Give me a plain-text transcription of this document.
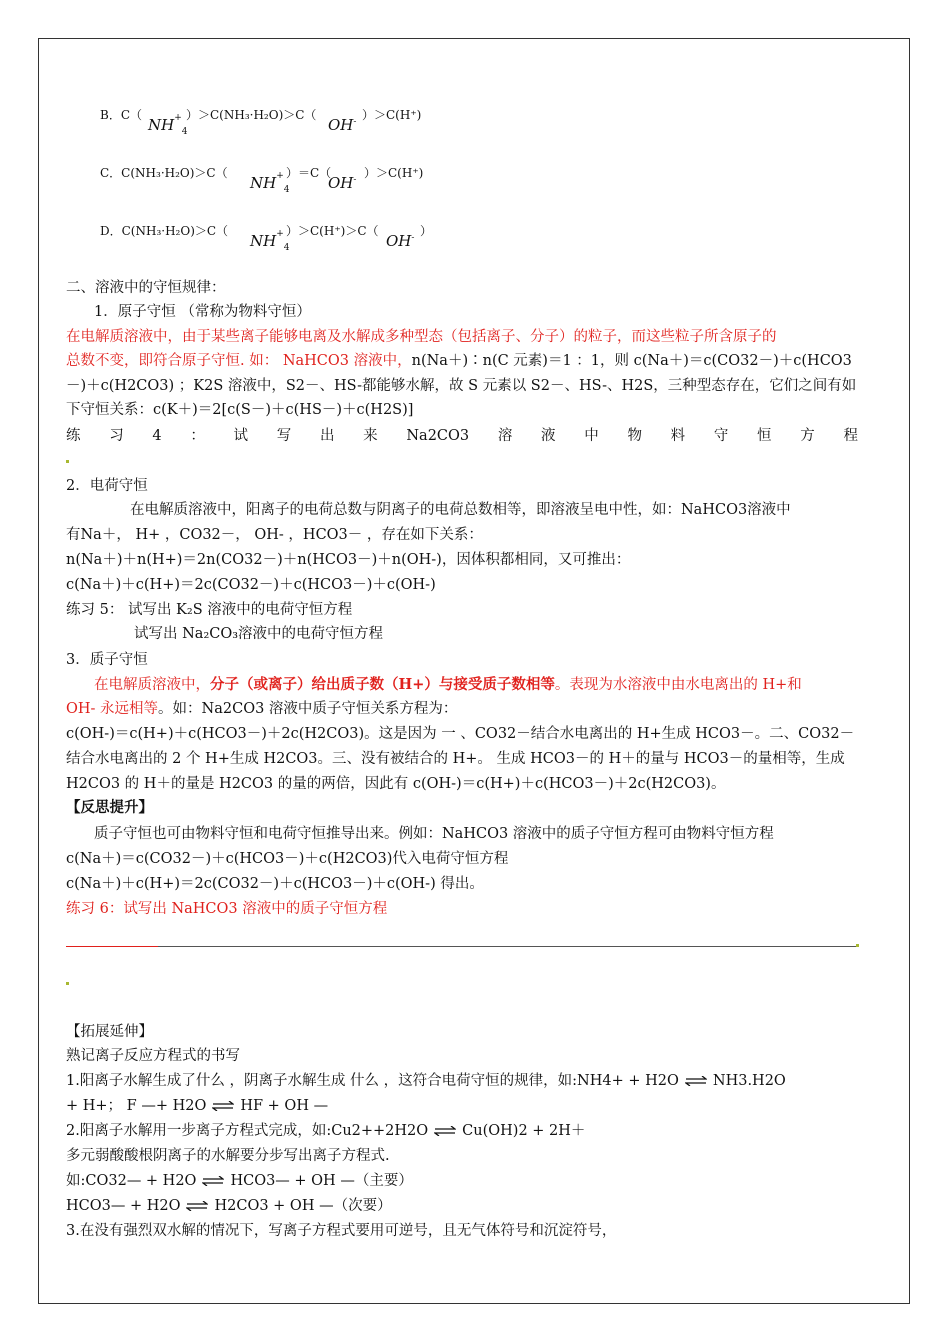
B．C（
$NH^+_4$
）＞C(NH₃·H₂O)＞C（
OH- ）＞C(H⁺)
C．C(NH₃·H₂O)＞C（
$NH^+_4$
）＝C（
OH- ）＞C(H⁺)
D．C(NH₃·H₂O)＞C（
$NH^+_4$
）＞C(H⁺)＞C（
OH- ）
二、溶液中的守恒规律：
1．原子守恒 （常称为物料守恒）
在电解质溶液中，由于某些离子能够电离及水解成多种型态（包括离子、分子）的粒子，而这些粒子所含原子的
总数不变，即符合原子守恒. 如： NaHCO3 溶液中，n(Na＋)∶n(C 元素)＝1 ：1，则 c(Na＋)＝c(CO32－)＋c(HCO3
－)＋c(H2CO3) ；K2S 溶液中，S2－、HS-都能够水解，故 S 元素以 S2－、HS-、H2S，三种型态存在，它们之间有如
下守恒关系：c(K＋)＝2[c(S－)＋c(HS－)＋c(H2S)]
练 习 4 ： 试 写 出 来 Na2CO3 溶 液 中 物 料 守 恒 方 程
2．电荷守恒
在电解质溶液中，阳离子的电荷总数与阴离子的电荷总数相等，即溶液呈电中性，如：NaHCO3溶液中
有Na＋， H+ ，CO32－， OH- ，HCO3－ ，存在如下关系：
n(Na＋)＋n(H+)＝2n(CO32－)＋n(HCO3－)＋n(OH-)，因体积都相同，又可推出：
c(Na＋)＋c(H+)＝2c(CO32－)＋c(HCO3－)＋c(OH-)
练习 5： 试写出 K₂S 溶液中的电荷守恒方程
试写出 Na₂CO₃溶液中的电荷守恒方程
3．质子守恒
在电解质溶液中，分子（或离子）给出质子数（H+）与接受质子数相等。表现为水溶液中由水电离出的 H+和
OH- 永远相等。如：Na2CO3 溶液中质子守恒关系方程为：
c(OH-)＝c(H+)＋c(HCO3－)＋2c(H2CO3)。这是因为 一 、CO32－结合水电离出的 H+生成 HCO3－。二、CO32－
结合水电离出的 2 个 H+生成 H2CO3。三、没有被结合的 H+。 生成 HCO3－的 H＋的量与 HCO3－的量相等，生成
H2CO3 的 H＋的量是 H2CO3 的量的两倍，因此有 c(OH-)＝c(H+)＋c(HCO3－)＋2c(H2CO3)。
【反思提升】
质子守恒也可由物料守恒和电荷守恒推导出来。例如：NaHCO3 溶液中的质子守恒方程可由物料守恒方程
c(Na＋)＝c(CO32－)＋c(HCO3－)＋c(H2CO3)代入电荷守恒方程
c(Na＋)＋c(H+)＝2c(CO32－)＋c(HCO3－)＋c(OH-) 得出。
练习 6：试写出 NaHCO3 溶液中的质子守恒方程
【拓展延伸】
熟记离子反应方程式的书写
1.阳离子水解生成了什么 ，阴离子水解生成 什么 ，这符合电荷守恒的规律，如:NH4+ + H2O ⇌ NH3.H2O
+ H+； F —+ H2O ⇌ HF + OH —
2.阳离子水解用一步离子方程式完成，如:Cu2++2H2O ⇌ Cu(OH)2 + 2H＋
多元弱酸酸根阴离子的水解要分步写出离子方程式.
如:CO32— + H2O ⇌ HCO3— + OH —（主要）
HCO3— + H2O ⇌ H2CO3 + OH —（次要）
3.在没有强烈双水解的情况下，写离子方程式要用可逆号，且无气体符号和沉淀符号，
